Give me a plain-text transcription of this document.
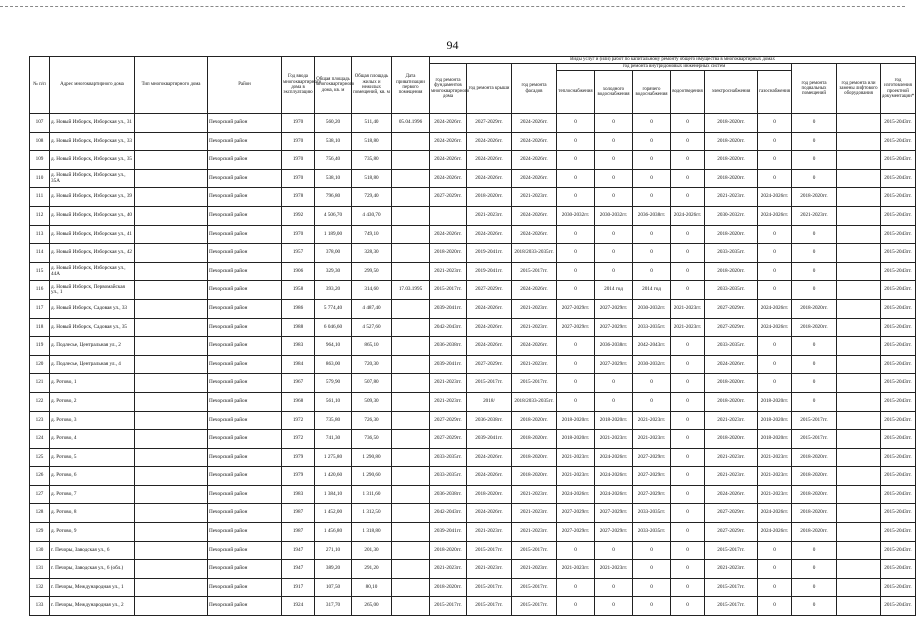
94
№ п/п	Адрес многоквартирного дома	Тип многоквартирного дома	Район	Год ввода многоквартирного дома в эксплуатацию	Общая площадь многоквартирного дома, кв. м	Общая площадь жилых и нежилых помещений, кв. м	Дата приватизации первого помещения	Виды услуг и (или) работ по капитальному ремонту общего имущества в многоквартирных домах											
								год ремонта фундаментов многоквартирного дома	год ремонта крыши	год ремонта фасадов	год ремонта внутридомовых инженерных систем						год ремонта подвальных помещений	год ремонта или замены лифтового оборудования	год изготовления проектной документации*
											теплоснабжения	холодного водоснабжения	горячего водоснабжения	водоотведения	электроснабжения	газоснабжения			
107	д. Новый Изборск, Изборская ул., 31		Печорский район	1970	560,20	511,40	05.04.1996	2024-2026гг.	2027-2029гг.	2024-2026гг.	0	0	0	0	2018-2020гг.	0	0		2015-2043гг.
108	д. Новый Изборск, Изборская ул., 33		Печорский район	1970	538,10	518,80		2024-2026гг.	2024-2026гг.	2024-2026гг.	0	0	0	0	2018-2020гг.	0	0		2015-2043гг.
109	д. Новый Изборск, Изборская ул., 35		Печорский район	1970	756,40	735,80		2024-2026гг.	2024-2026гг.	2024-2026гг.	0	0	0	0	2018-2020гг.	0	0		2015-2043гг.
110	д. Новый Изборск, Изборская ул., 35А		Печорский район	1970	538,10	518,80		2024-2026гг.	2024-2026гг.	2024-2026гг.	0	0	0	0	2018-2020гг.	0	0		2015-2043гг.
111	д. Новый Изборск, Изборская ул., 39		Печорский район	1978	796,80	729,40		2027-2029гг.	2018-2020гг.	2021-2023гг.	0	0	0	0	2021-2023гг.	2024-2026гг.	2018-2020гг.		2015-2043гг.
112	д. Новый Изборск, Изборская ул., 40		Печорский район	1992	4 506,70	4 430,70			2021-2023гг.	2024-2026гг.	2030-2032гг.	2030-2032гг.	2036-2038гг.	2024-2026гг.	2030-2032гг.	2024-2026гг.	2021-2023гг.		2015-2043гг.
113	д. Новый Изборск, Изборская ул., 41		Печорский район	1970	1 189,00	749,10		2024-2026гг.	2024-2026гг.	2024-2026гг.	0	0	0	0	2018-2020гг.	0	0		2015-2043гг.
114	д. Новый Изборск, Изборская ул., 42		Печорский район	1957	378,00	328,30		2018-2020гг.	2019-2041гг.	2018/2033-2035гг.	0	0	0	0	2033-2035гг.	0	0		2015-2043гг.
115	д. Новый Изборск, Изборская ул., 44А		Печорский район	1906	329,30	299,50		2021-2023гг.	2019-2041гг.	2015-2017гг.	0	0	0	0	2018-2020гг.	0	0		2015-2043гг.
116	д. Новый Изборск, Первомайская ул., 1		Печорский район	1958	393,20	314,60	17.03.1995	2015-2017гг.	2027-2029гг.	2024-2026гг.	0	2014 год	2014 год	0	2033-2035гг.	0	0		2015-2043гг.
117	д. Новый Изборск, Садовая ул., 33		Печорский район	1986	5 774,40	4 487,40		2039-2041гг.	2024-2026гг.	2021-2023гг.	2027-2029гг.	2027-2029гг.	2030-2032гг.	2021-2023гг.	2027-2029гг.	2024-2026гг.	2018-2020гг.		2015-2043гг.
118	д. Новый Изборск, Садовая ул., 35		Печорский район	1988	6 046,60	4 527,60		2042-2043гг.	2024-2026гг.	2021-2023гг.	2027-2029гг.	2027-2029гг.	2033-2035гг.	2021-2023гг.	2027-2029гг.	2024-2026гг.	2018-2020гг.		2015-2043гг.
119	д. Подлесье, Центральная ул., 2		Печорский район	1983	964,10	865,10		2036-2038гг.	2024-2026гг.	2024-2026гг.	0	2036-2038гг.	2042-2043гг.	0	2033-2035гг.	0	0		2015-2043гг.
120	д. Подлесье, Центральная ул., 4		Печорский район	1984	863,00	720,30		2039-2041гг.	2027-2029гг.	2021-2023гг.	0	2027-2029гг.	2030-2032гг.	0	2024-2026гг.	0	0		2015-2043гг.
121	д. Ротово, 1		Печорский район	1967	579,90	507,80		2021-2023гг.	2015-2017гг.	2015-2017гг.	0	0	0	0	2018-2020гг.	0	0		2015-2043гг.
122	д. Ротово, 2		Печорский район	1968	561,10	509,30		2021-2023гг.	2018/	2018/2033-2035гг.	0	0	0	0	2018-2020гг.	2018-2020гг.	0		2015-2043гг.
123	д. Ротово, 3		Печорский район	1972	735,80	726,30		2027-2029гг.	2036-2038гг.	2018-2020гг.	2018-2020гг.	2018-2020гг.	2021-2023гг.	0	2021-2023гг.	2018-2020гг.	2015-2017гг.		2015-2043гг.
124	д. Ротово, 4		Печорский район	1972	741,30	736,50		2027-2029гг.	2039-2041гг.	2018-2020гг.	2018-2020гг.	2021-2023гг.	2021-2023гг.	0	2018-2020гг.	2018-2020гг.	2015-2017гг.		2015-2043гг.
125	д. Ротово, 5		Печорский район	1979	1 275,80	1 290,80		2033-2035гг.	2024-2026гг.	2018-2020гг.	2021-2023гг.	2024-2026гг.	2027-2029гг.	0	2021-2023гг.	2021-2023гг.	2018-2020гг.		2015-2043гг.
126	д. Ротово, 6		Печорский район	1979	1 420,60	1 290,60		2033-2035гг.	2024-2026гг.	2018-2020гг.	2021-2023гг.	2024-2026гг.	2027-2029гг.	0	2021-2023гг.	2021-2023гг.	2018-2020гг.		2015-2043гг.
127	д. Ротово, 7		Печорский район	1983	1 384,10	1 311,60		2036-2038гг.	2018-2020гг.	2021-2023гг.	2024-2026гг.	2024-2026гг.	2027-2029гг.	0	2024-2026гг.	2021-2023гг.	2018-2020гг.		2015-2043гг.
128	д. Ротово, 8		Печорский район	1987	1 452,00	1 312,50		2042-2043гг.	2024-2026гг.	2021-2023гг.	2027-2029гг.	2027-2029гг.	2033-2035гг.	0	2027-2029гг.	2024-2026гг.	2018-2020гг.		2015-2043гг.
129	д. Ротово, 9		Печорский район	1987	1 456,80	1 318,80		2039-2041гг.	2021-2023гг.	2021-2023гг.	2027-2029гг.	2027-2029гг.	2033-2035гг.	0	2027-2029гг.	2024-2026гг.	2018-2020гг.		2015-2043гг.
130	г. Печоры, Заводская ул., 6		Печорский район	1947	271,10	201,30		2018-2020гг.	2015-2017гг.	2015-2017гг.	0	0	0	0	2015-2017гг.	0	0		2015-2043гг.
131	г. Печоры, Заводская ул., 6 (обл.)		Печорский район	1947	389,20	291,20		2021-2023гг.	2021-2023гг.	2021-2023гг.	2021-2023гг.	2021-2023гг.	0	0	2021-2023гг.	0	0		2015-2043гг.
132	г. Печоры, Международная ул., 1		Печорский район	1917	107,50	80,10		2018-2020гг.	2015-2017гг.	2015-2017гг.	0	0	0	0	2015-2017гг.	0	0		2015-2043гг.
133	г. Печоры, Международная ул., 2		Печорский район	1924	317,70	265,00		2015-2017гг.	2015-2017гг.	2015-2017гг.	0	0	0	0	2015-2017гг.	0	0		2015-2043гг.
